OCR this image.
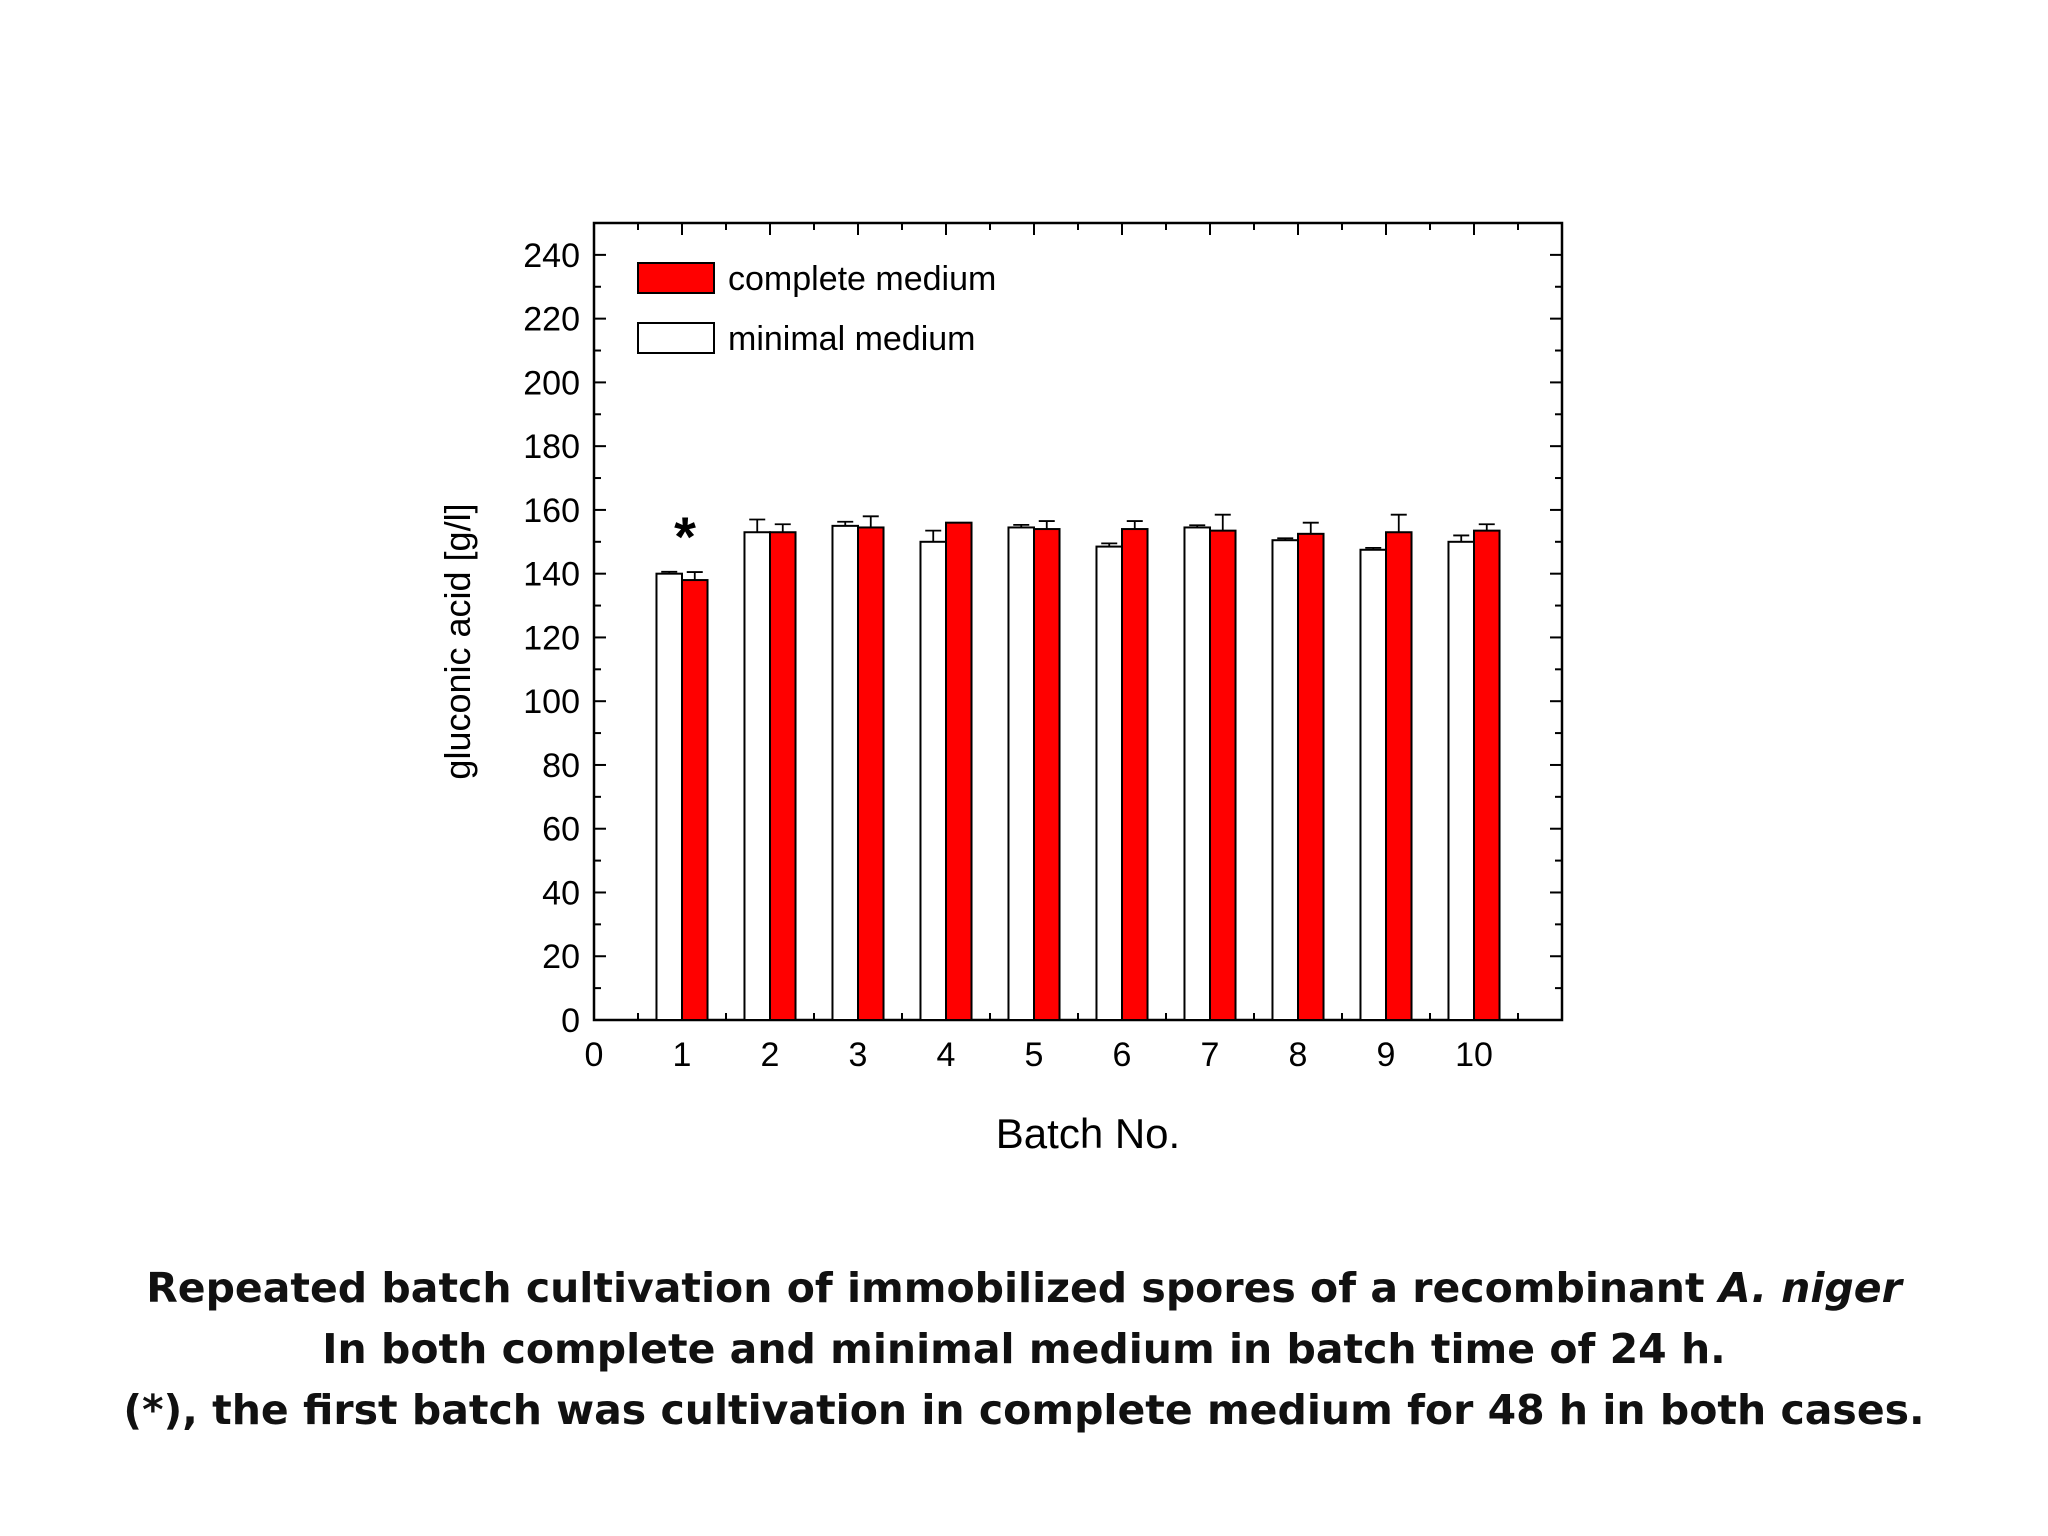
0
20
40
60
80
100
120
140
160
180
200
220
240
0 1 2 3 4 5 6 7 8 9 10
*
complete medium
minimal medium
Batch No.
gluconic acid [g/l]
Repeated batch cultivation of immobilized spores of a recombinant A. niger
In both complete and minimal medium in batch time of 24 h.
(*), the first batch was cultivation in complete medium for 48 h in both cases.
